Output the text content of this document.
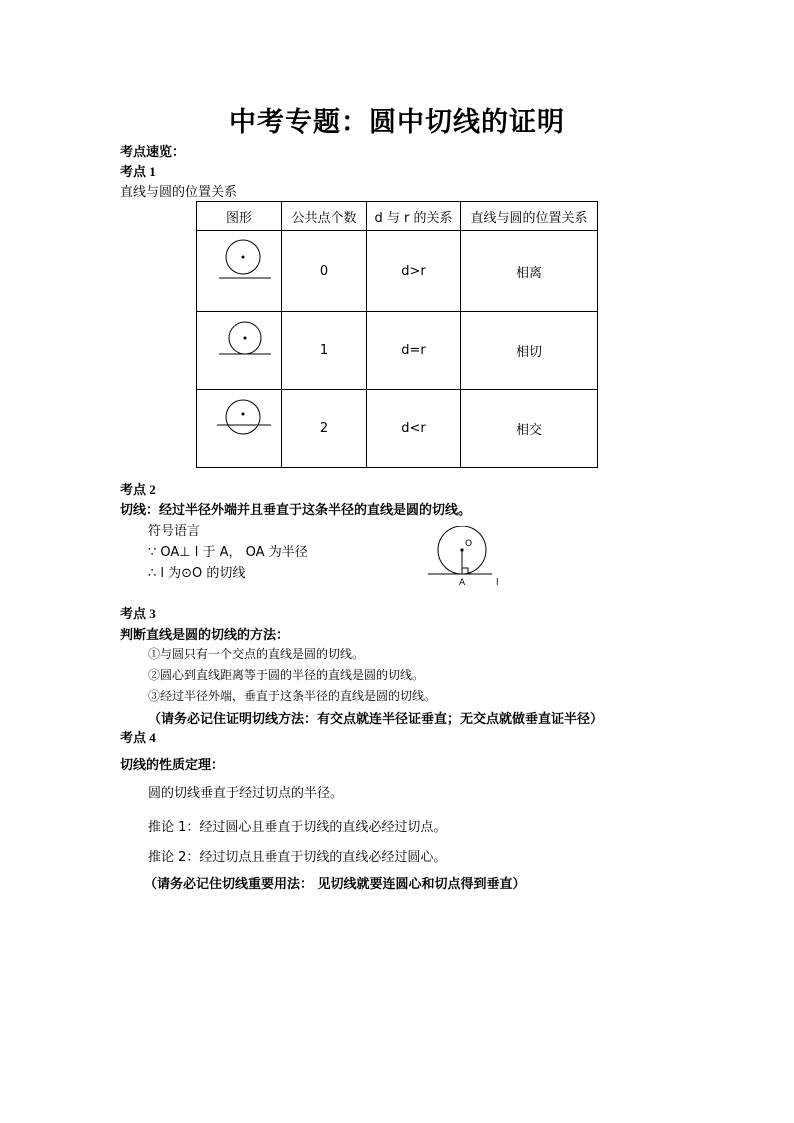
中考专题：圆中切线的证明
考点速览：
考点 1
直线与圆的位置关系
图形	公共点个数	d 与 r 的关系	直线与圆的位置关系
	0	d>r	相离
	1	d=r	相切
	2	d<r	相交
考点 2
切线：经过半径外端并且垂直于这条半径的直线是圆的切线。
符号语言
∵ OA⊥ l 于 A， OA 为半径
∴ l 为⊙O 的切线
O
A	l
考点 3
判断直线是圆的切线的方法：
①与圆只有一个交点的直线是圆的切线。
②圆心到直线距离等于圆的半径的直线是圆的切线。
③经过半径外端，垂直于这条半径的直线是圆的切线。
（请务必记住证明切线方法：有交点就连半径证垂直；无交点就做垂直证半径）
考点 4
切线的性质定理：
圆的切线垂直于经过切点的半径。
推论 1：经过圆心且垂直于切线的直线必经过切点。
推论 2：经过切点且垂直于切线的直线必经过圆心。
（请务必记住切线重要用法： 见切线就要连圆心和切点得到垂直）
